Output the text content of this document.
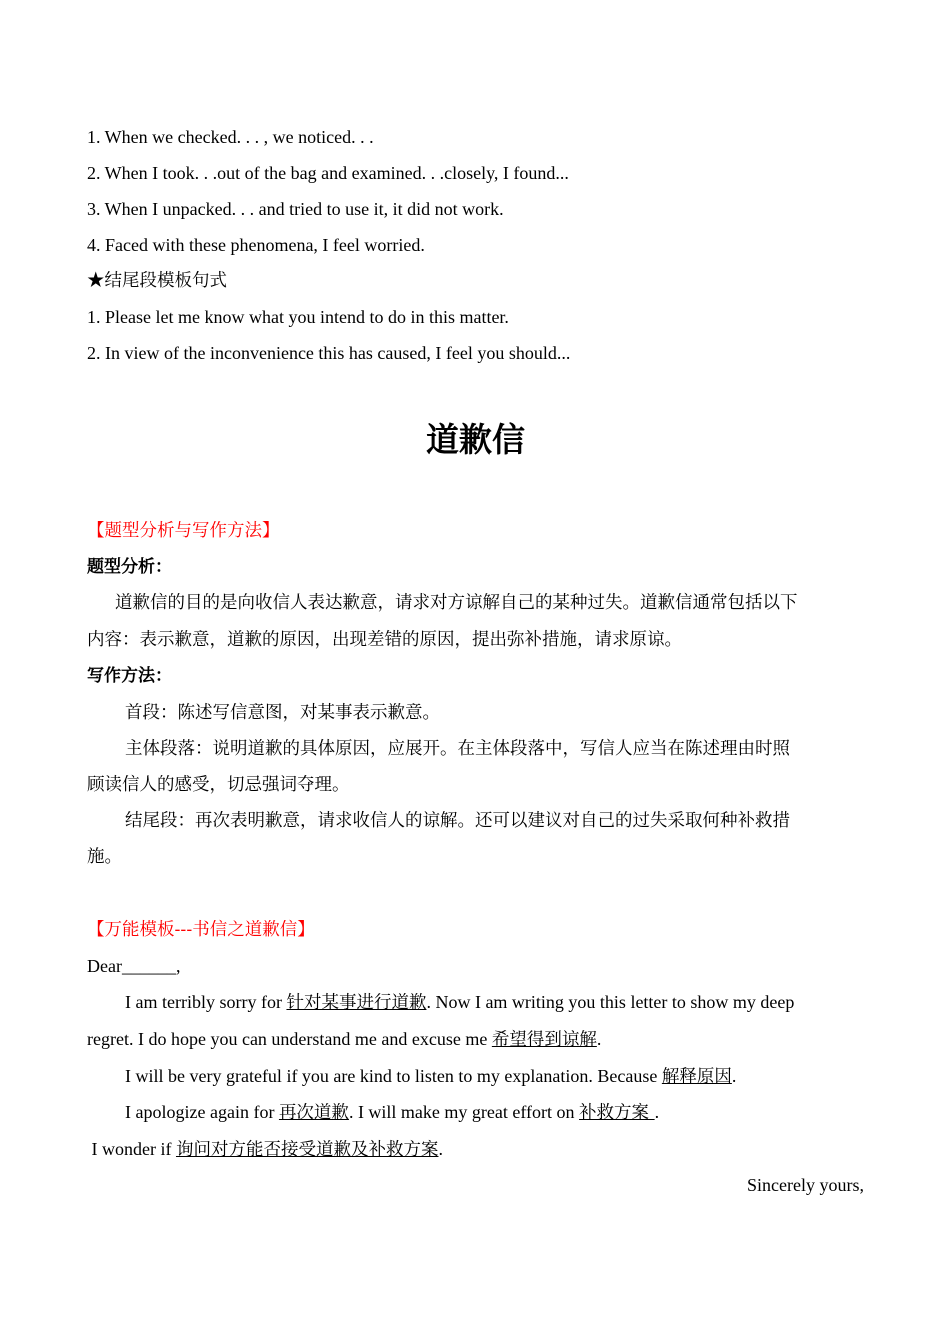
1. When we checked. . . , we noticed. . .
2. When I took. . .out of the bag and examined. . .closely, I found...
3. When I unpacked. . . and tried to use it, it did not work.
4. Faced with these phenomena, I feel worried.
★结尾段模板句式
1. Please let me know what you intend to do in this matter.
2. In view of the inconvenience this has caused, I feel you should...
道歉信
【题型分析与写作方法】
题型分析：
道歉信的目的是向收信人表达歉意，请求对方谅解自己的某种过失。道歉信通常包括以下
内容：表示歉意，道歉的原因，出现差错的原因，提出弥补措施，请求原谅。
写作方法：
首段：陈述写信意图，对某事表示歉意。
主体段落：说明道歉的具体原因，应展开。在主体段落中，写信人应当在陈述理由时照
顾读信人的感受，切忌强词夺理。
结尾段：再次表明歉意，请求收信人的谅解。还可以建议对自己的过失采取何种补救措
施。
【万能模板---书信之道歉信】
Dear______,
I am terribly sorry for 针对某事进行道歉. Now I am writing you this letter to show my deep
regret. I do hope you can understand me and excuse me 希望得到谅解.
I will be very grateful if you are kind to listen to my explanation. Because 解释原因.
I apologize again for 再次道歉. I will make my great effort on 补救方案 .
I wonder if 询问对方能否接受道歉及补救方案.
Sincerely yours,
